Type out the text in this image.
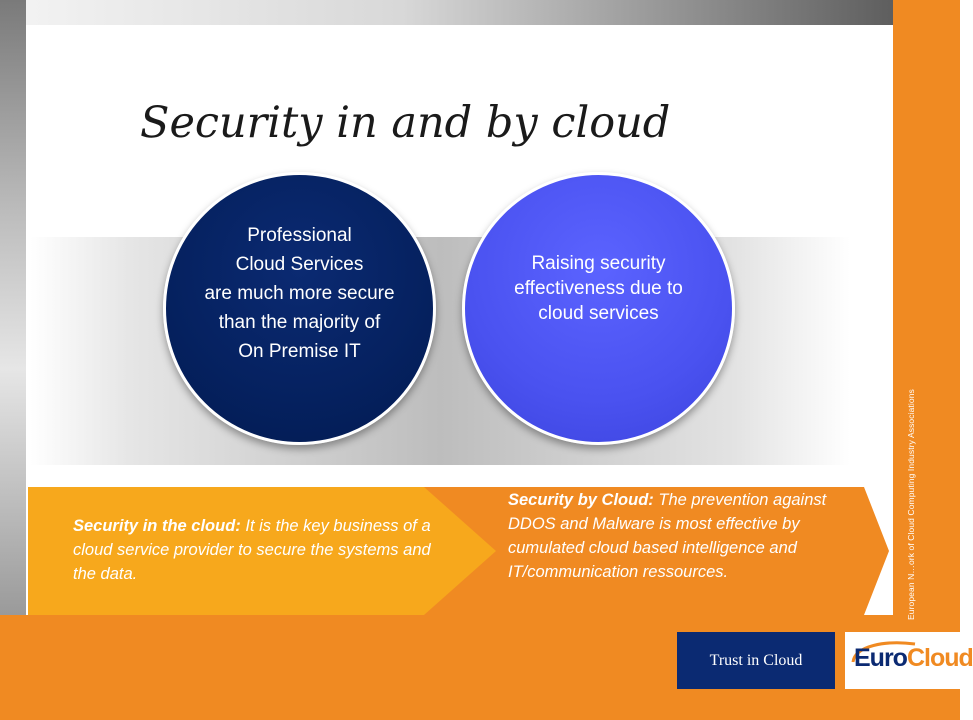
European N…ork of Cloud Computing Industry Associations
Security in and by cloud
Professional
Cloud Services
are much more secure
than the majority of
On Premise IT
Raising security
effectiveness due to
cloud services
Security in the cloud: It is the key business of a cloud service provider to secure the systems and the data.
Security by Cloud: The prevention against DDOS and Malware is most effective by cumulated cloud based intelligence and IT/communication ressources.
Trust in Cloud	EuroCloud
